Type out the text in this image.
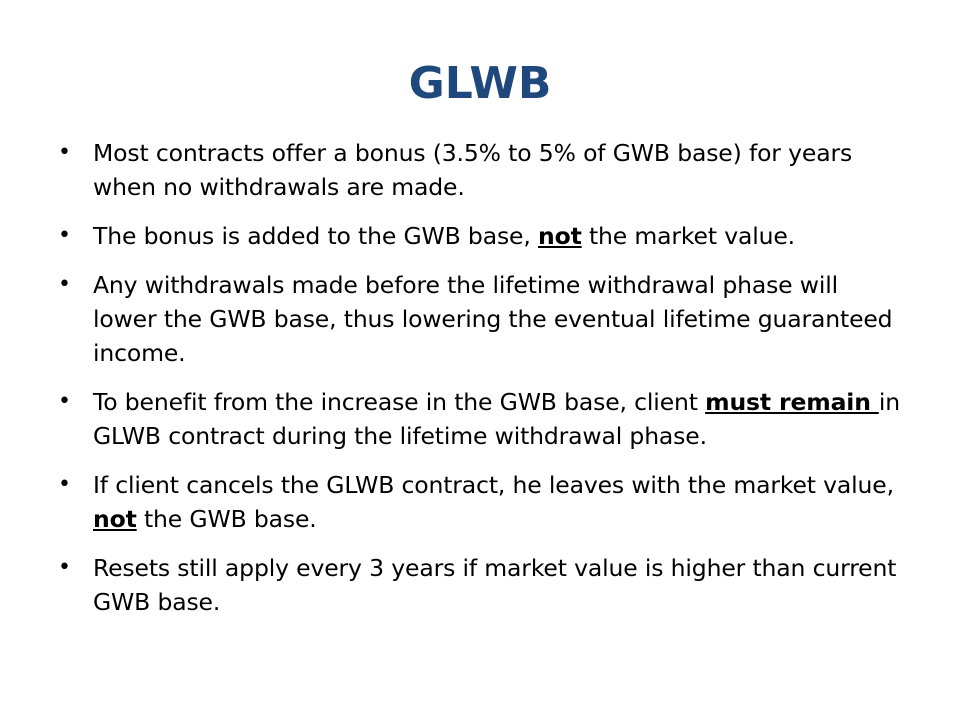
GLWB
• Most contracts offer a bonus (3.5% to 5% of GWB base) for years when no withdrawals are made.
• The bonus is added to the GWB base, not the market value.
• Any withdrawals made before the lifetime withdrawal phase will lower the GWB base, thus lowering the eventual lifetime guaranteed income.
• To benefit from the increase in the GWB base, client must remain in GLWB contract during the lifetime withdrawal phase.
• If client cancels the GLWB contract, he leaves with the market value, not the GWB base.
• Resets still apply every 3 years if market value is higher than current GWB base.
